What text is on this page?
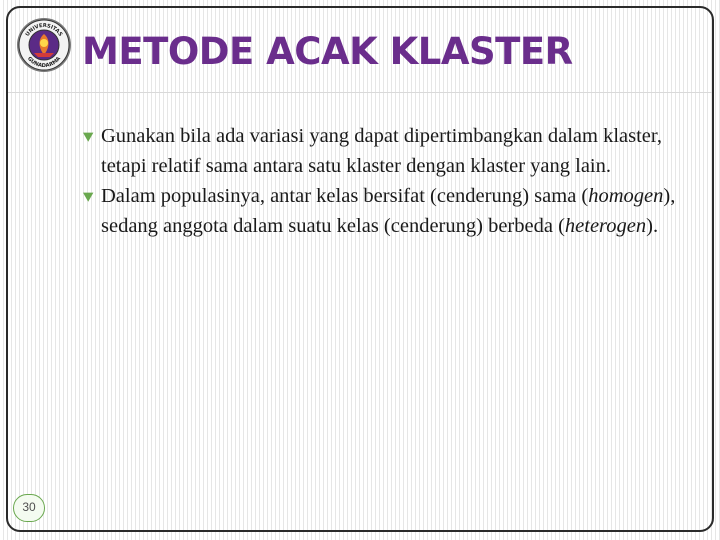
UNIVERSITAS
GUNADARMA METODE ACAK KLASTER
Gunakan bila ada variasi yang dapat dipertimbangkan dalam klaster, tetapi relatif sama antara satu klaster dengan klaster yang lain.
Dalam populasinya, antar kelas bersifat (cenderung) sama (homogen), sedang anggota dalam suatu kelas (cenderung) berbeda (heterogen).
30
